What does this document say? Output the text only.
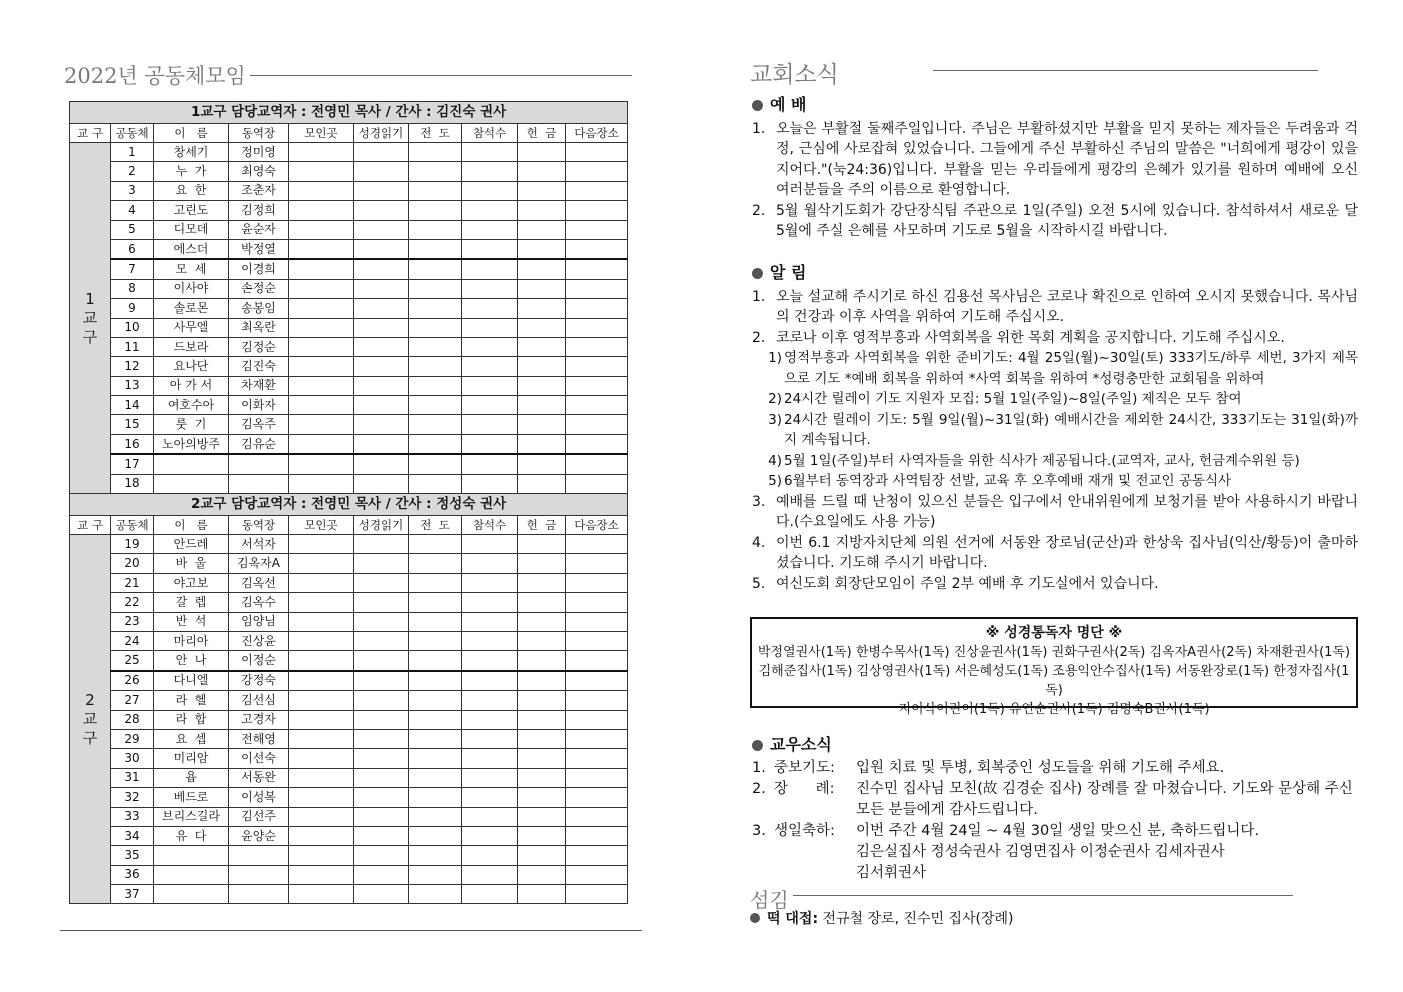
2022년 공동체모임
1교구 담당교역자 : 전영민 목사 / 간사 : 김진숙 권사									
교 구	공동체	이   름	동역장	모인곳	성경읽기	전  도	참석수	헌  금	다음장소
1
교
구	1	창세기	정미영						
	2	누  가	최영숙						
	3	요  한	조춘자						
	4	고린도	김정희						
	5	디모데	윤순자						
	6	에스더	박정열						
	7	모  세	이경희						
	8	이사야	손정순						
	9	솔로몬	송봉임						
	10	사무엘	최옥란						
	11	드보라	김정순						
	12	요나단	김진숙						
	13	아 가 서	차재환						
	14	여호수아	이화자						
	15	룻  기	김옥주						
	16	노아의방주	김유순						
	17								
	18								
2교구 담당교역자 : 전영민 목사 / 간사 : 정성숙 권사									
교 구	공동체	이   름	동역장	모인곳	성경읽기	전  도	참석수	헌  금	다음장소
2
교
구	19	안드레	서석자						
	20	바  울	김옥자A						
	21	야고보	김옥선						
	22	갈  렙	김옥수						
	23	반  석	임양님						
	24	마리아	진상윤						
	25	안  나	이정순						
	26	다니엘	강정숙						
	27	라  헬	김선심						
	28	라  합	고경자						
	29	요  셉	전해영						
	30	미리암	이선숙						
	31	욥	서동완						
	32	베드로	이성복						
	33	브리스길라	김선주						
	34	유  다	윤양순						
	35								
	36								
	37								
교회소식
예 배
1. 오늘은 부활절 둘째주일입니다. 주님은 부활하셨지만 부활을 믿지 못하는 제자들은 두려움과 걱정, 근심에 사로잡혀 있었습니다. 그들에게 주신 부활하신 주님의 말씀은 "너희에게 평강이 있을지어다."(눅24:36)입니다. 부활을 믿는 우리들에게 평강의 은혜가 있기를 원하며 예배에 오신 여러분들을 주의 이름으로 환영합니다.
2. 5월 월삭기도회가 강단장식팀 주관으로 1일(주일) 오전 5시에 있습니다. 참석하셔서 새로운 달 5월에 주실 은혜를 사모하며 기도로 5월을 시작하시길 바랍니다.
알 림
1. 오늘 설교해 주시기로 하신 김용선 목사님은 코로나 확진으로 인하여 오시지 못했습니다. 목사님의 건강과 이후 사역을 위하여 기도해 주십시오.
2. 코로나 이후 영적부흥과 사역회복을 위한 목회 계획을 공지합니다. 기도해 주십시오.
1) 영적부흥과 사역회복을 위한 준비기도: 4월 25일(월)~30일(토) 333기도/하루 세번, 3가지 제목으로 기도 *예배 회복을 위하여 *사역 회복을 위하여 *성령충만한 교회됨을 위하여
2) 24시간 릴레이 기도 지원자 모집: 5월 1일(주일)~8일(주일) 제직은 모두 참여
3) 24시간 릴레이 기도: 5월 9일(월)~31일(화) 예배시간을 제외한 24시간, 333기도는 31일(화)까지 계속됩니다.
4) 5월 1일(주일)부터 사역자들을 위한 식사가 제공됩니다.(교역자, 교사, 헌금계수위원 등)
5) 6월부터 동역장과 사역팀장 선발, 교육 후 오후예배 재개 및 전교인 공동식사
3. 예배를 드릴 때 난청이 있으신 분들은 입구에서 안내위원에게 보청기를 받아 사용하시기 바랍니다.(수요일에도 사용 가능)
4. 이번 6.1 지방자치단체 의원 선거에 서동완 장로님(군산)과 한상욱 집사님(익산/황등)이 출마하셨습니다. 기도해 주시기 바랍니다.
5. 여신도회 회장단모임이 주일 2부 예배 후 기도실에서 있습니다.
※ 성경통독자 명단 ※
박정열권사(1독) 한병수목사(1독) 진상윤권사(1독) 권화구권사(2독) 김옥자A권사(2독) 차재환권사(1독)
김해준집사(1독) 김상영권사(1독) 서은혜성도(1독) 조용익안수집사(1독) 서동완장로(1독) 한정자집사(1독)
지이삭어린이(1독) 유연순권사(1독) 김명숙B권사(1독)
교우소식
1. 중보기도:	입원 치료 및 투병, 회복중인 성도들을 위해 기도해 주세요.
2. 장      례:	진수민 집사님 모친(故 김경순 집사) 장례를 잘 마쳤습니다. 기도와 문상해 주신 모든 분들에게 감사드립니다.
3. 생일축하:	이번 주간 4월 24일 ~ 4월 30일 생일 맞으신 분, 축하드립니다.
김은실집사 정성숙권사 김영면집사 이정순권사 김세자권사
김서휘권사
섬김
떡 대접: 전규철 장로, 진수민 집사(장례)
